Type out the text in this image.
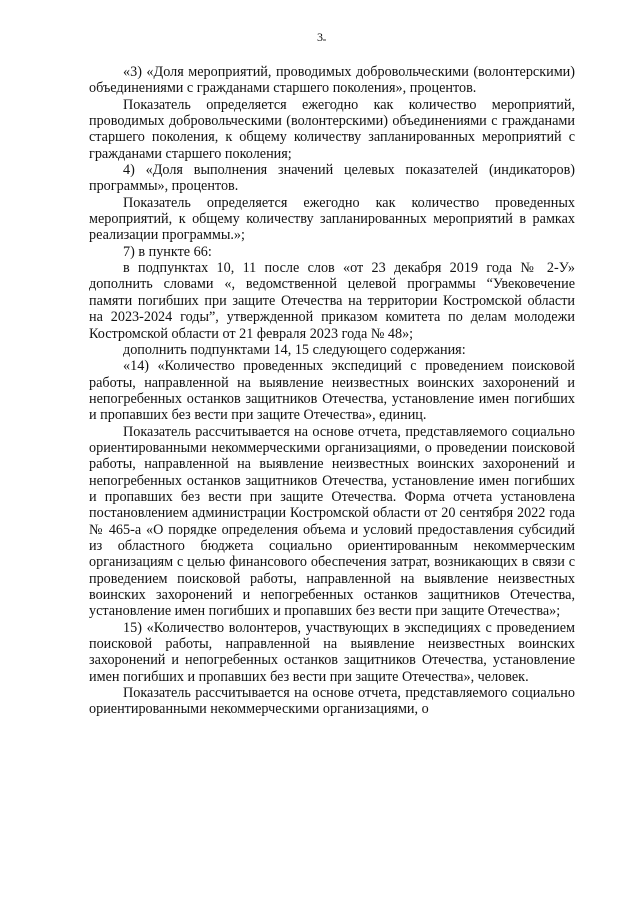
3

«3) «Доля мероприятий, проводимых добровольческими (волонтерскими) объединениями с гражданами старшего поколения», процентов.

Показатель определяется ежегодно как количество мероприятий, проводимых добровольческими (волонтерскими) объединениями с гражданами старшего поколения, к общему количеству запланированных мероприятий с гражданами старшего поколения;

4) «Доля выполнения значений целевых показателей (индикаторов) программы», процентов.

Показатель определяется ежегодно как количество проведенных мероприятий, к общему количеству запланированных мероприятий в рамках реализации программы.»;

7) в пункте 66:

в подпунктах 10, 11 после слов «от 23 декабря 2019 года № 2-У» дополнить словами «, ведомственной целевой программы “Увековечение памяти погибших при защите Отечества на территории Костромской области на 2023-2024 годы”, утвержденной приказом комитета по делам молодежи Костромской области от 21 февраля 2023 года № 48»;

дополнить подпунктами 14, 15 следующего содержания:

«14) «Количество проведенных экспедиций с проведением поисковой работы, направленной на выявление неизвестных воинских захоронений и непогребенных останков защитников Отечества, установление имен погибших и пропавших без вести при защите Отечества», единиц.

Показатель рассчитывается на основе отчета, представляемого социально ориентированными некоммерческими организациями, о проведении поисковой работы, направленной на выявление неизвестных воинских захоронений и непогребенных останков защитников Отечества, установление имен погибших и пропавших без вести при защите Отечества. Форма отчета установлена постановлением администрации Костромской области от 20 сентября 2022 года № 465-а «О порядке определения объема и условий предоставления субсидий из областного бюджета социально ориентированным некоммерческим организациям с целью финансового обеспечения затрат, возникающих в связи с проведением поисковой работы, направленной на выявление неизвестных воинских захоронений и непогребенных останков защитников Отечества, установление имен погибших и пропавших без вести при защите Отечества»;

15) «Количество волонтеров, участвующих в экспедициях с проведением поисковой работы, направленной на выявление неизвестных воинских захоронений и непогребенных останков защитников Отечества, установление имен погибших и пропавших без вести при защите Отечества», человек.

Показатель рассчитывается на основе отчета, представляемого социально ориентированными некоммерческими организациями, о
